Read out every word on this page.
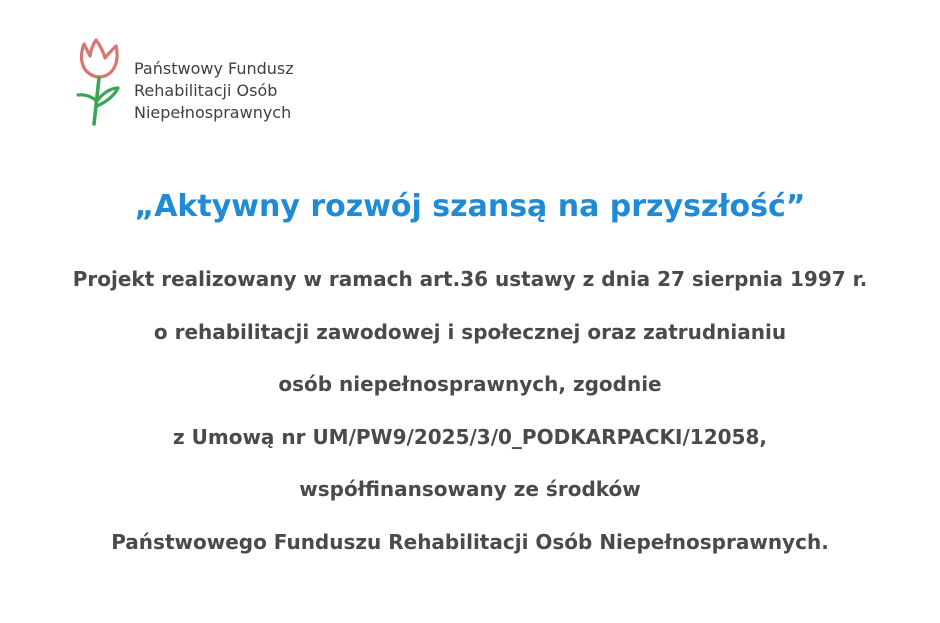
Państwowy Fundusz
Rehabilitacji Osób
Niepełnosprawnych
„Aktywny rozwój szansą na przyszłość”
Projekt realizowany w ramach art.36 ustawy z dnia 27 sierpnia 1997 r.
o rehabilitacji zawodowej i społecznej oraz zatrudnianiu
osób niepełnosprawnych, zgodnie
z Umową nr UM/PW9/2025/3/0_PODKARPACKI/12058,
współfinansowany ze środków
Państwowego Funduszu Rehabilitacji Osób Niepełnosprawnych.
